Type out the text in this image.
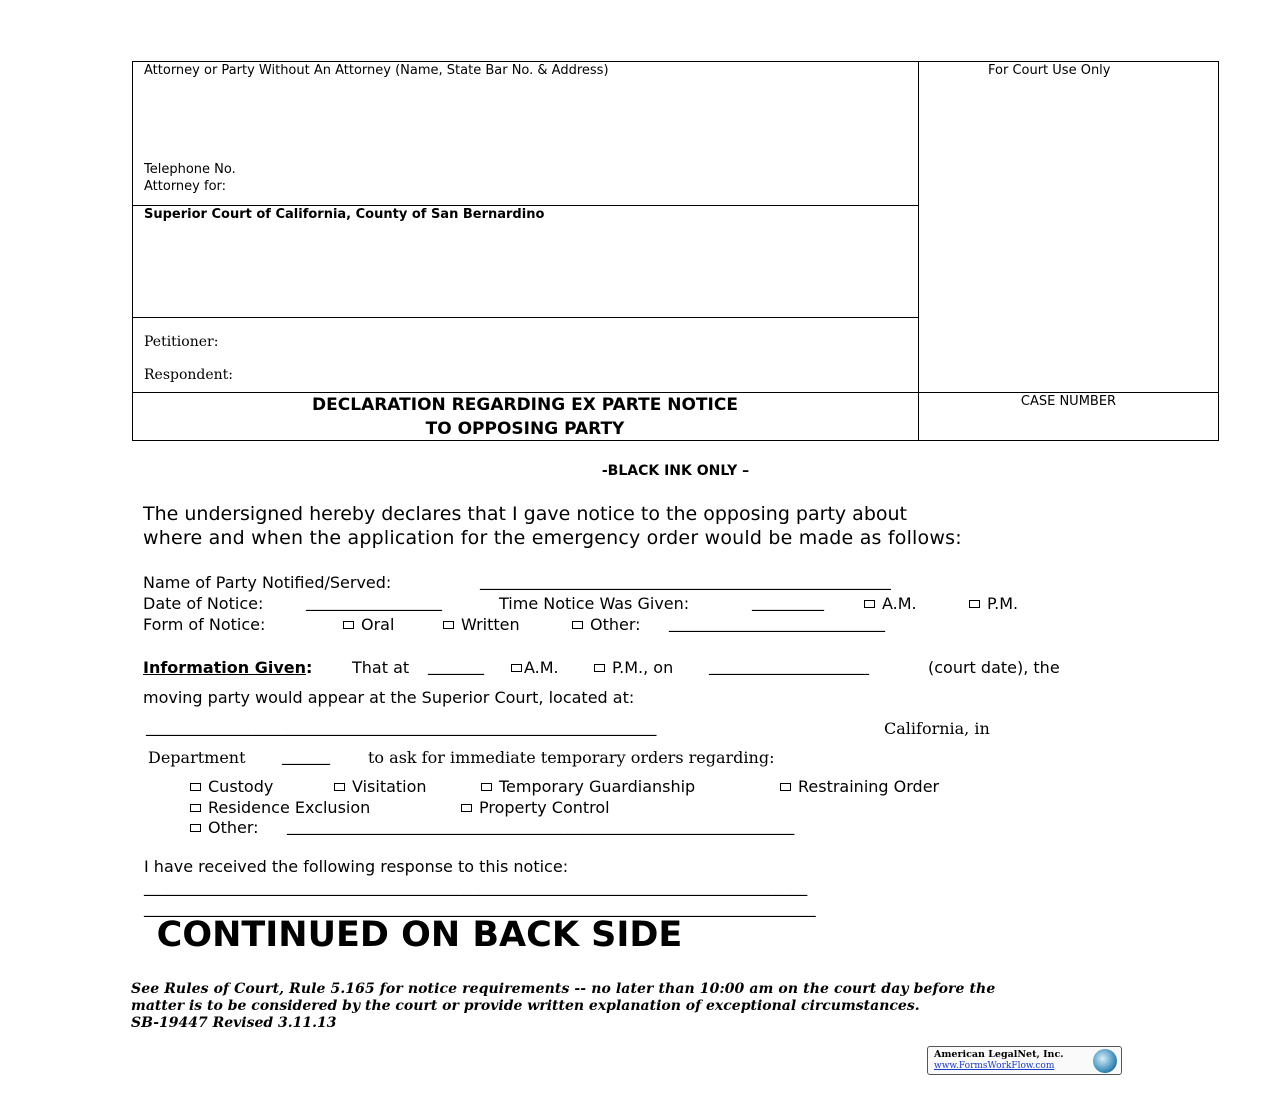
Attorney or Party Without An Attorney (Name, State Bar No. & Address)	For Court Use Only
Telephone No.
Attorney for:
Superior Court of California, County of San Bernardino
Petitioner:
Respondent:
DECLARATION REGARDING EX PARTE NOTICE
TO OPPOSING PARTY
CASE NUMBER
-BLACK INK ONLY –
The undersigned hereby declares that I gave notice to the opposing party about
where and when the application for the emergency order would be made as follows:
Name of Party Notified/Served:	____________________________________________________
Date of Notice:	_________________	Time Notice Was Given:	_________	A.M.	P.M.
Form of Notice:	Oral	Written	Other: ___________________________
Information Given: That at _______	A.M.	P.M., on ____________________	(court date), the
moving party would appear at the Superior Court, located at:
_________________________________________________________________	California, in
Department ______ to ask for immediate temporary orders regarding:
Custody	Visitation	Temporary Guardianship	Restraining Order
Residence Exclusion	Property Control
Other: _________________________________________________________________
I have received the following response to this notice:
_____________________________________________________________________________________
_____________________________________________________________________________________
CONTINUED ON BACK SIDE
See Rules of Court, Rule 5.165 for notice requirements -- no later than 10:00 am on the court day before the
matter is to be considered by the court or provide written explanation of exceptional circumstances.
SB-19447 Revised 3.11.13
American LegalNet, Inc.
www.FormsWorkFlow.com
